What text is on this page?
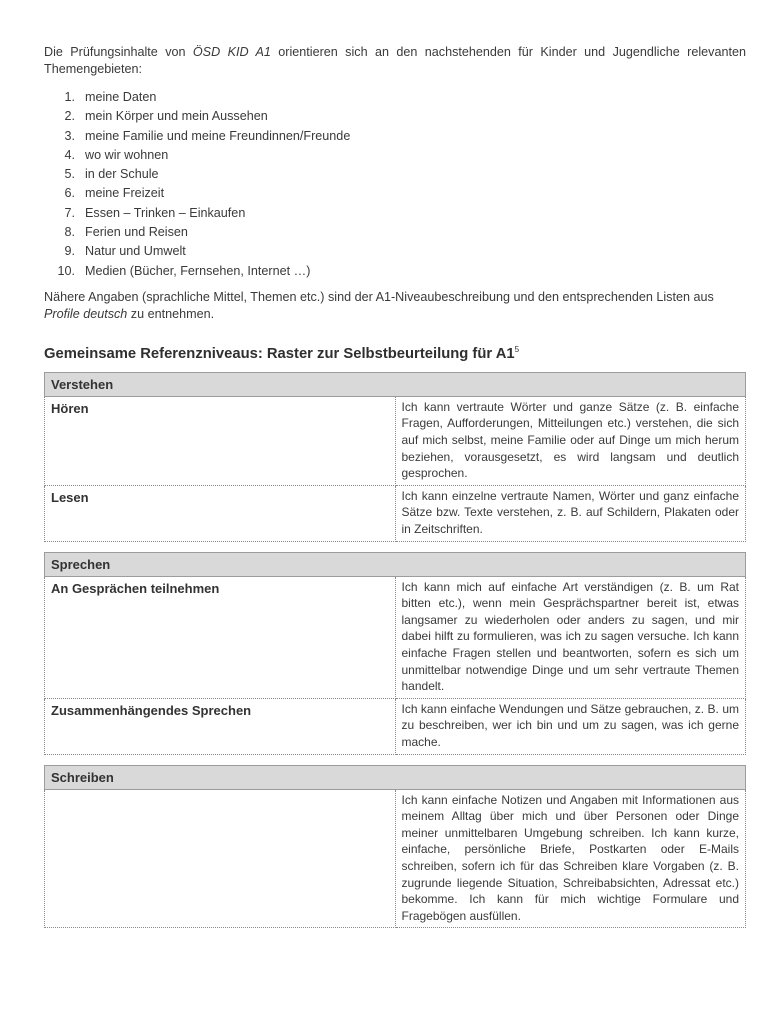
Die Prüfungsinhalte von ÖSD KID A1 orientieren sich an den nachstehenden für Kinder und Jugendliche relevanten Themengebieten:

1. meine Daten
2. mein Körper und mein Aussehen
3. meine Familie und meine Freundinnen/Freunde
4. wo wir wohnen
5. in der Schule
6. meine Freizeit
7. Essen – Trinken – Einkaufen
8. Ferien und Reisen
9. Natur und Umwelt
10. Medien (Bücher, Fernsehen, Internet …)

Nähere Angaben (sprachliche Mittel, Themen etc.) sind der A1-Niveaubeschreibung und den entsprechenden Listen aus Profile deutsch zu entnehmen.

Gemeinsame Referenzniveaus: Raster zur Selbstbeurteilung für $A1^5$
Verstehen	
Hören	Ich kann vertraute Wörter und ganze Sätze (z. B. einfache Fragen, Aufforderungen, Mitteilungen etc.) verstehen, die sich auf mich selbst, meine Familie oder auf Dinge um mich herum beziehen, vorausgesetzt, es wird langsam und deutlich gesprochen.
Lesen	Ich kann einzelne vertraute Namen, Wörter und ganz einfache Sätze bzw. Texte verstehen, z. B. auf Schildern, Plakaten oder in Zeitschriften.
Sprechen	
An Gesprächen teilnehmen	Ich kann mich auf einfache Art verständigen (z. B. um Rat bitten etc.), wenn mein Gesprächspartner bereit ist, etwas langsamer zu wiederholen oder anders zu sagen, und mir dabei hilft zu formulieren, was ich zu sagen versuche. Ich kann einfache Fragen stellen und beantworten, sofern es sich um unmittelbar notwendige Dinge und um sehr vertraute Themen handelt.
Zusammenhängendes Sprechen	Ich kann einfache Wendungen und Sätze gebrauchen, z. B. um zu beschreiben, wer ich bin und um zu sagen, was ich gerne mache.
Schreiben
	Ich kann einfache Notizen und Angaben mit Informationen aus meinem Alltag über mich und über Personen oder Dinge meiner unmittelbaren Umgebung schreiben. Ich kann kurze, einfache, persönliche Briefe, Postkarten oder E-Mails schreiben, sofern ich für das Schreiben klare Vorgaben (z. B. zugrunde liegende Situation, Schreibabsichten, Adressat etc.) bekomme. Ich kann für mich wichtige Formulare und Fragebögen ausfüllen.
